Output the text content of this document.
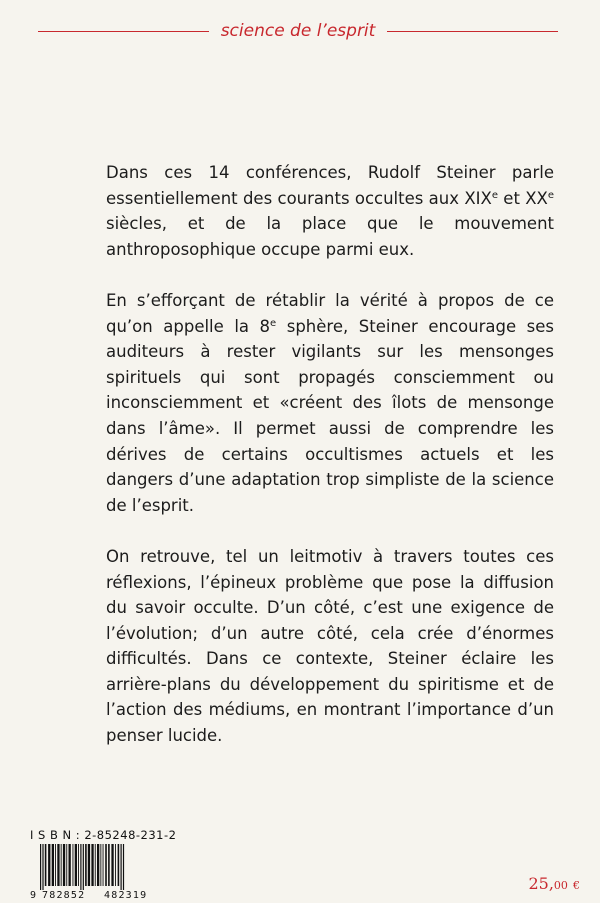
science de l’esprit

Dans ces 14 conférences, Rudolf Steiner parle essentiellement des courants occultes aux XIXe et XXe siècles, et de la place que le mouvement anthroposophique occupe parmi eux.

En s’efforçant de rétablir la vérité à propos de ce qu’on appelle la 8e sphère, Steiner encourage ses auditeurs à rester vigilants sur les mensonges spirituels qui sont propagés consciemment ou inconsciemment et «créent des îlots de mensonge dans l’âme». Il permet aussi de comprendre les dérives de certains occultismes actuels et les dangers d’une adaptation trop simpliste de la science de l’esprit.

On retrouve, tel un leitmotiv à travers toutes ces réflexions, l’épineux problème que pose la diffusion du savoir occulte. D’un côté, c’est une exigence de l’évolution; d’un autre côté, cela crée d’énormes difficultés. Dans ce contexte, Steiner éclaire les arrière-plans du développement du spiritisme et de l’action des médiums, en montrant l’importance d’un penser lucide.

I S B N : 2-85248-231-2
9 782852 482319
25,00 €
